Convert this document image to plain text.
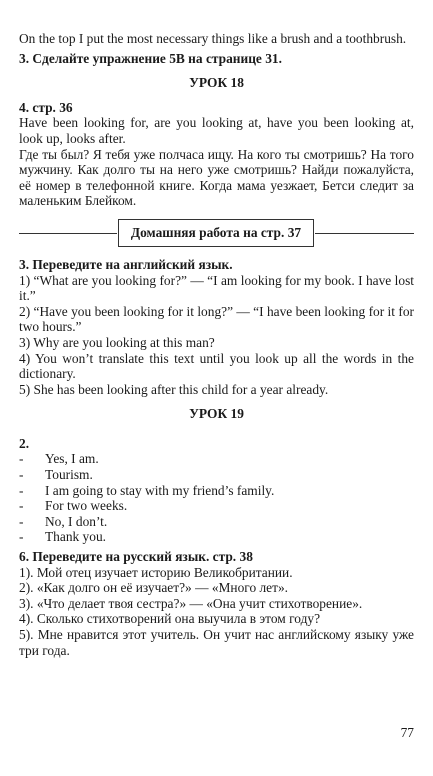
On the top I put the most necessary things like a brush and a toothbrush.

3. Сделайте упражнение 5B на странице 31.

УРОК 18

4. стр. 36

Have been looking for, are you looking at, have you been looking at, look up, looks after.

Где ты был? Я тебя уже полчаса ищу. На кого ты смотришь? На того мужчину. Как долго ты на него уже смотришь? Найди пожалуйста, её номер в телефонной книге. Когда мама уезжает, Бетси следит за маленьким Блейком.

Домашняя работа на стр. 37

3. Переведите на английский язык.

1) “What are you looking for?” — “I am looking for my book. I have lost it.”

2) “Have you been looking for it long?” — “I have been looking for it for two hours.”

3) Why are you looking at this man?

4) You won’t translate this text until you look up all the words in the dictionary.

5) She has been looking after this child for a year already.

УРОК 19

2.

- Yes, I am.
- Tourism.
- I am going to stay with my friend’s family.
- For two weeks.
- No, I don’t.
- Thank you.

6. Переведите на русский язык. стр. 38

1). Мой отец изучает историю Великобритании.

2). «Как долго он её изучает?» — «Много лет».

3). «Что делает твоя сестра?» — «Она учит стихотворение».

4). Сколько стихотворений она выучила в этом году?

5). Мне нравится этот учитель. Он учит нас английскому языку уже три года.

77
